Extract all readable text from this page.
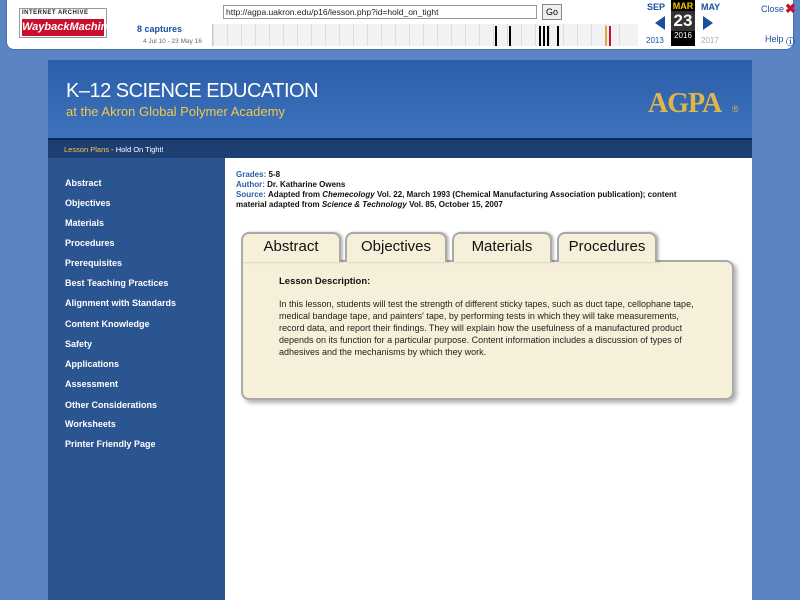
INTERNET ARCHIVE
WaybackMachine	8 captures
4 Jul 10 - 23 May 16
http://agpa.uakron.edu/p16/lesson.php?id=hold_on_tight
Go	SEP
2013
MAR
23
2016
MAY
2017
Close ✖
Help ⓘ
K–12 SCIENCE EDUCATION
at the Akron Global Polymer Academy	AGPA ®
Lesson Plans - Hold On Tight!
Abstract
Objectives
Materials
Procedures
Prerequisites
Best Teaching Practices
Alignment with Standards
Content Knowledge
Safety
Applications
Assessment
Other Considerations
Worksheets
Printer Friendly Page
Grades: 5-8
Author: Dr. Katharine Owens
Source: Adapted from Chemecology Vol. 22, March 1993 (Chemical Manufacturing Association publication); content
material adapted from Science & Technology Vol. 85, October 15, 2007
Lesson Description:
In this lesson, students will test the strength of different sticky tapes, such as duct tape, cellophane tape, medical bandage tape, and painters' tape, by performing tests in which they will take measurements, record data, and report their findings. They will explain how the usefulness of a manufactured product depends on its function for a particular purpose. Content information includes a discussion of types of adhesives and the mechanisms by which they work.
Abstract	Objectives	Materials	Procedures
